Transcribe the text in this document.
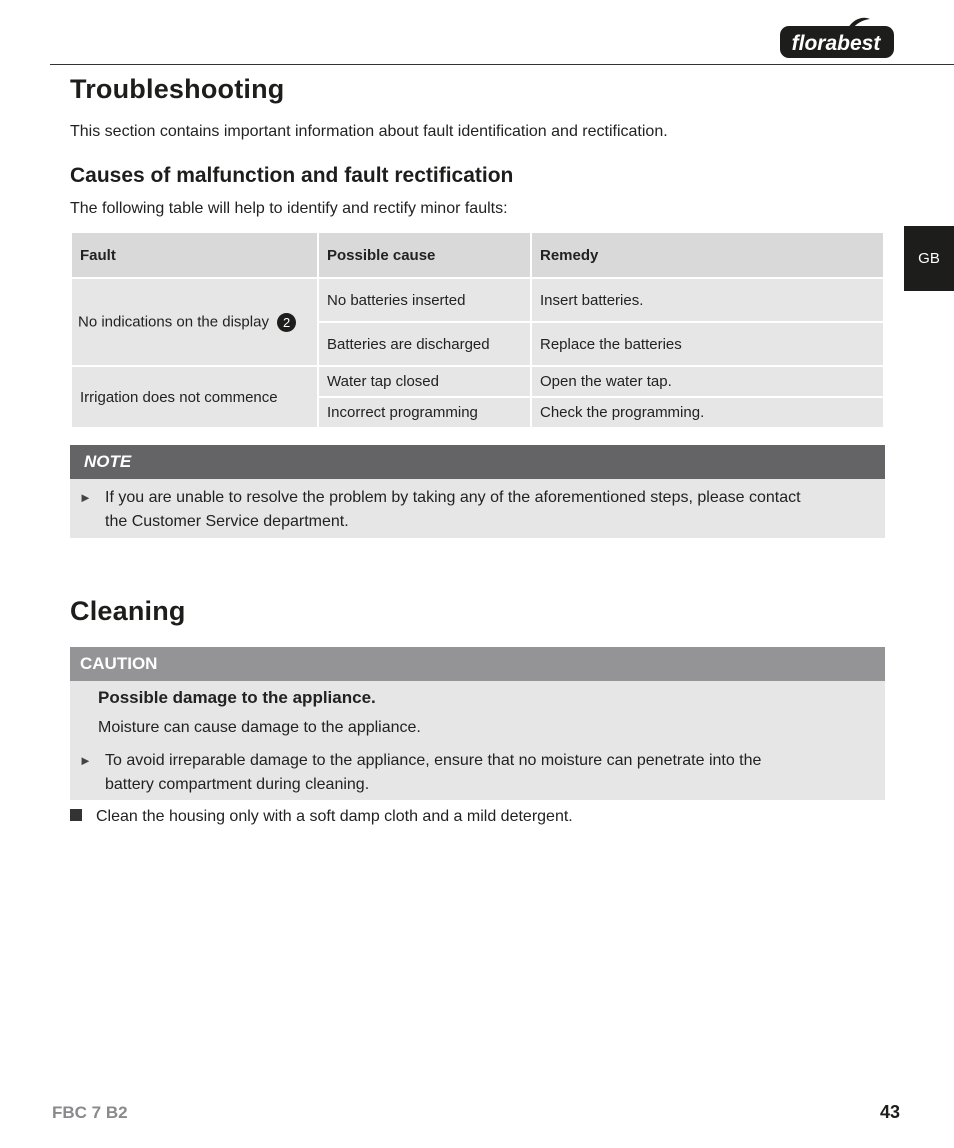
florabest
GB
Troubleshooting
This section contains important information about fault identification and rectification.
Causes of malfunction and fault rectification
The following table will help to identify and rectify minor faults:
Fault	Possible cause	Remedy
No indications on the display 2	No batteries inserted	Insert batteries.
	Batteries are discharged	Replace the batteries
Irrigation does not commence	Water tap closed	Open the water tap.
	Incorrect programming	Check the programming.
NOTE
► If you are unable to resolve the problem by taking any of the aforementioned steps, please contact
the Customer Service department.
Cleaning
CAUTION
Possible damage to the appliance.
Moisture can cause damage to the appliance.
► To avoid irreparable damage to the appliance, ensure that no moisture can penetrate into the
battery compartment during cleaning.
Clean the housing only with a soft damp cloth and a mild detergent.
FBC 7 B2	43
